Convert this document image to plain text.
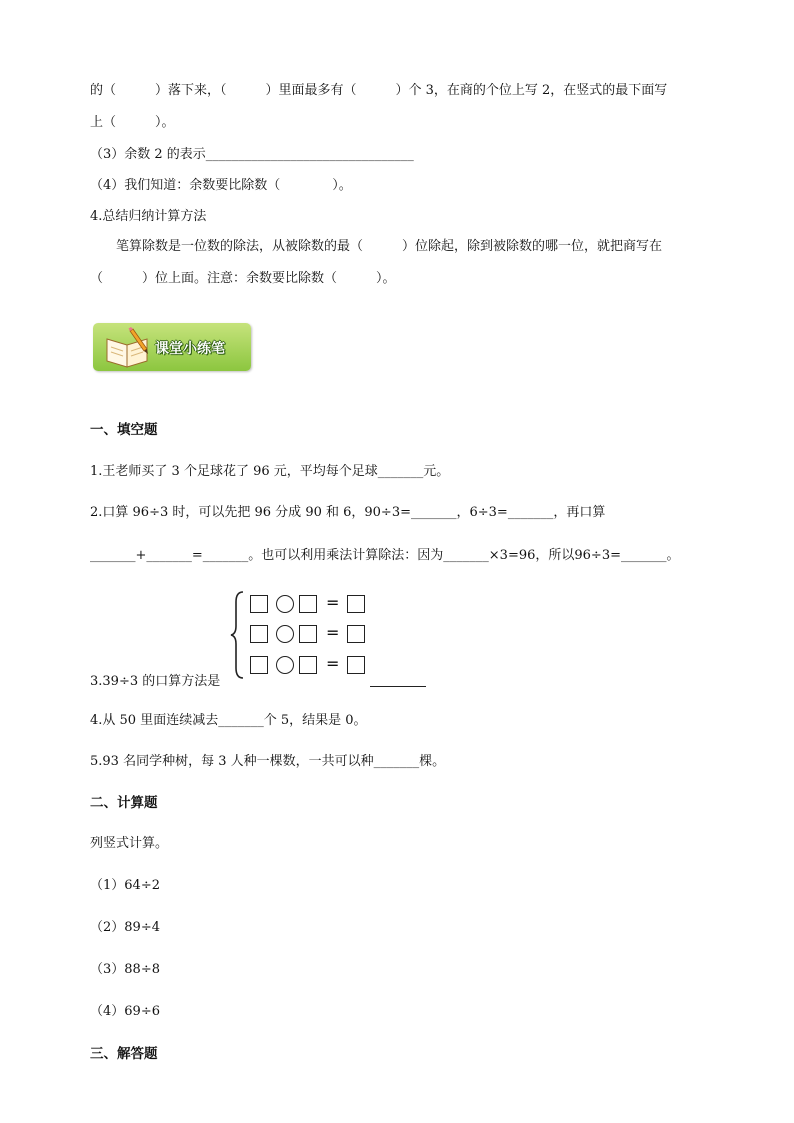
的（　　　）落下来，（　　　）里面最多有（　　　）个 3，在商的个位上写 2，在竖式的最下面写
上（　　　）。
（3）余数 2 的表示________________________________
（4）我们知道：余数要比除数（　　　　）。
4.总结归纳计算方法
　　笔算除数是一位数的除法，从被除数的最（　　　）位除起，除到被除数的哪一位，就把商写在
（　　　）位上面。注意：余数要比除数（　　　）。
课堂小练笔
一、填空题
1.王老师买了 3 个足球花了 96 元，平均每个足球_______元。
2.口算 96÷3 时，可以先把 96 分成 90 和 6，90÷3=_______，6÷3=_______，再口算
_______+_______=_______。也可以利用乘法计算除法：因为_______×3=96，所以96÷3=_______。
=
=
=
3.39÷3 的口算方法是
4.从 50 里面连续减去_______个 5，结果是 0。
5.93 名同学种树，每 3 人种一棵数，一共可以种_______棵。
二、计算题
列竖式计算。
（1）64÷2
（2）89÷4
（3）88÷8
（4）69÷6
三、解答题
